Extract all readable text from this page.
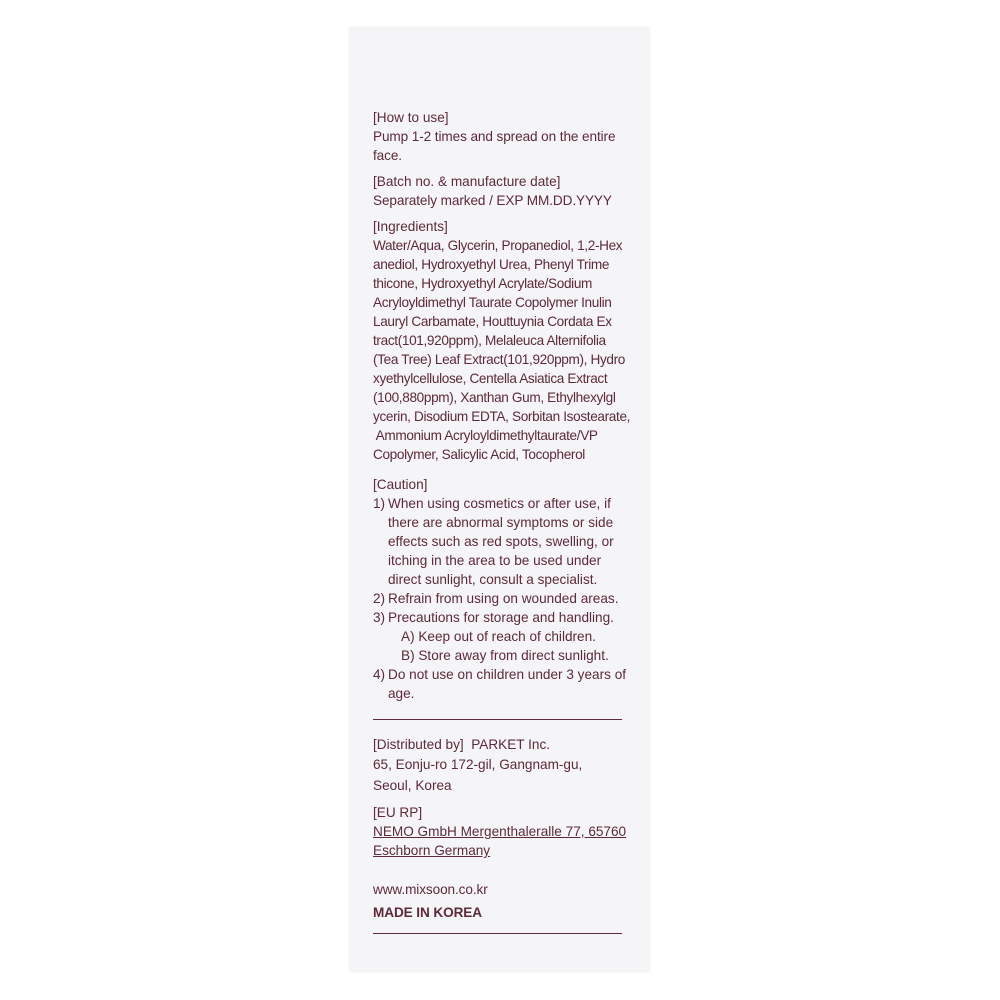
[How to use]

Pump 1-2 times and spread on the entire

face.

[Batch no. & manufacture date]

Separately marked / EXP MM.DD.YYYY

[Ingredients]

Water/Aqua, Glycerin, Propanediol, 1,2-Hex
anediol, Hydroxyethyl Urea, Phenyl Trime
thicone, Hydroxyethyl Acrylate/Sodium
Acryloyldimethyl Taurate Copolymer Inulin
Lauryl Carbamate, Houttuynia Cordata Ex
tract(101,920ppm), Melaleuca Alternifolia
(Tea Tree) Leaf Extract(101,920ppm), Hydro
xyethylcellulose, Centella Asiatica Extract
(100,880ppm), Xanthan Gum, Ethylhexylgl
ycerin, Disodium EDTA, Sorbitan Isostearate,
Ammonium Acryloyldimethyltaurate/VP
Copolymer, Salicylic Acid, Tocopherol

[Caution]

1) When using cosmetics or after use, if
there are abnormal symptoms or side
effects such as red spots, swelling, or
itching in the area to be used under
direct sunlight, consult a specialist.
2) Refrain from using on wounded areas.
3) Precautions for storage and handling.
A) Keep out of reach of children.
B) Store away from direct sunlight.
4) Do not use on children under 3 years of
age.

[Distributed by] PARKET Inc.

65, Eonju-ro 172-gil, Gangnam-gu,
Seoul, Korea

[EU RP]

NEMO GmbH Mergenthaleralle 77, 65760
Eschborn Germany

www.mixsoon.co.kr

MADE IN KOREA
